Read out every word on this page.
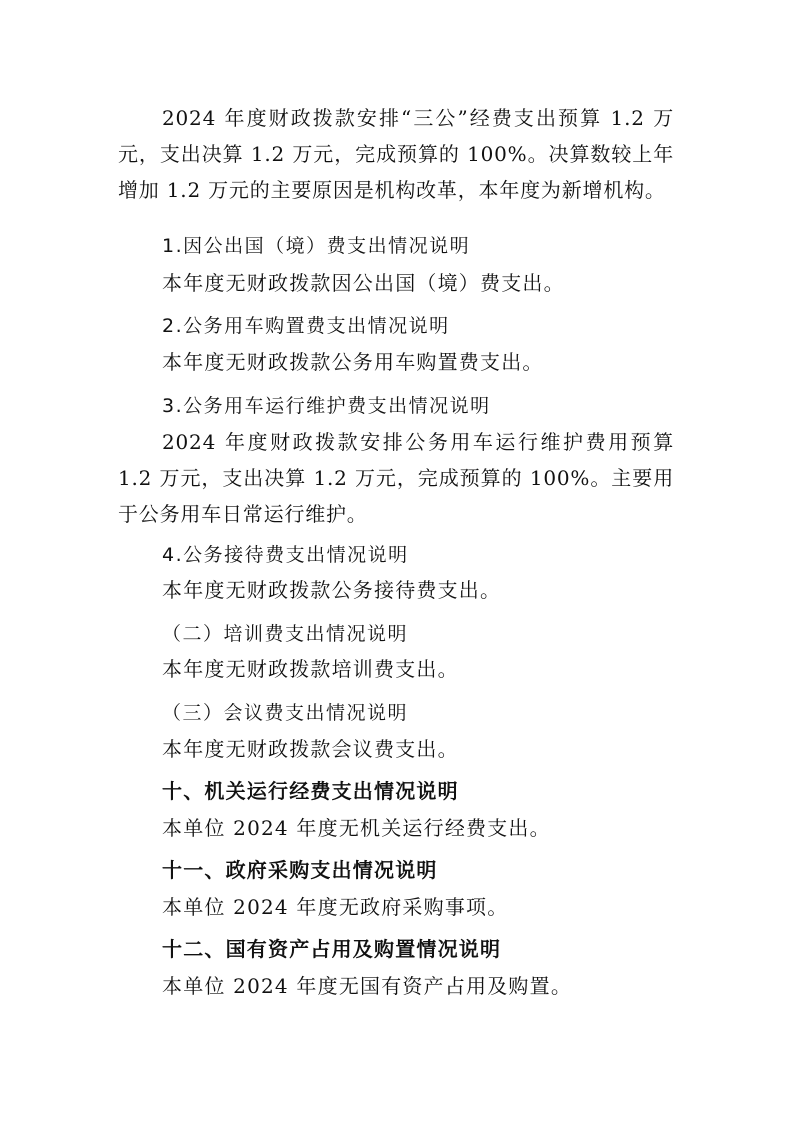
2024 年度财政拨款安排“三公”经费支出预算 1.2 万元，支出决算 1.2 万元，完成预算的 100%。决算数较上年增加 1.2 万元的主要原因是机构改革，本年度为新增机构。

1.因公出国（境）费支出情况说明

本年度无财政拨款因公出国（境）费支出。

2.公务用车购置费支出情况说明

本年度无财政拨款公务用车购置费支出。

3.公务用车运行维护费支出情况说明

2024 年度财政拨款安排公务用车运行维护费用预算 1.2 万元，支出决算 1.2 万元，完成预算的 100%。主要用于公务用车日常运行维护。

4.公务接待费支出情况说明

本年度无财政拨款公务接待费支出。

（二）培训费支出情况说明

本年度无财政拨款培训费支出。

（三）会议费支出情况说明

本年度无财政拨款会议费支出。

十、机关运行经费支出情况说明

本单位 2024 年度无机关运行经费支出。

十一、政府采购支出情况说明

本单位 2024 年度无政府采购事项。

十二、国有资产占用及购置情况说明

本单位 2024 年度无国有资产占用及购置。
